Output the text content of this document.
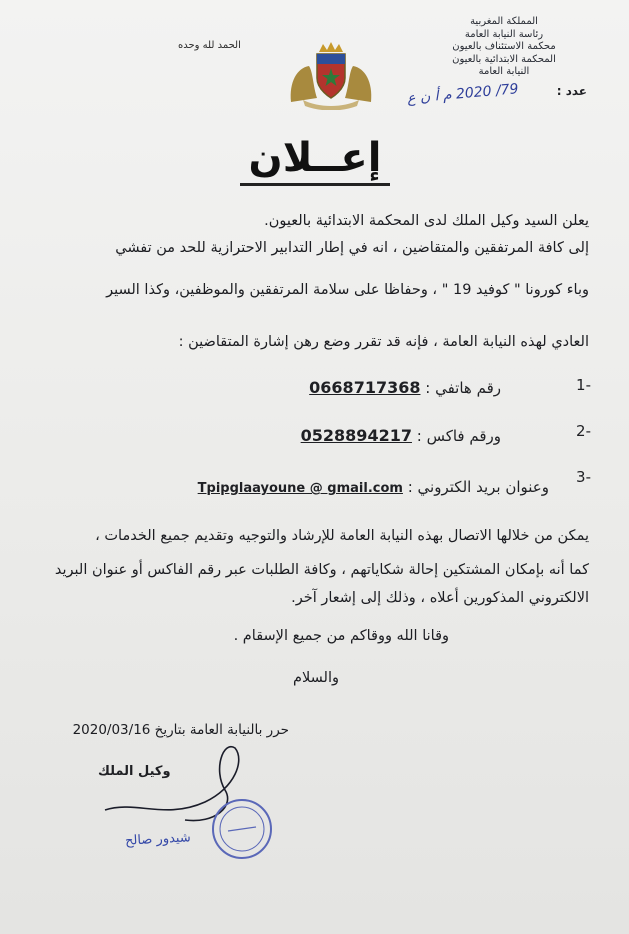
المملكة المغربية
رئاسة النيابة العامة
محكمة الاستئناف بالعيون
المحكمة الابتدائية بالعيون
النيابة العامة
عدد :
79/ 2020 م أ ن ع
الحمد لله وحده
إعــلان
يعلن السيد وكيل الملك لدى المحكمة الابتدائية بالعيون.
إلى كافة المرتفقين والمتقاضين ، انه في إطار التدابير الاحترازية للحد من تفشي
وباء كورونا " كوفيد 19 " ، وحفاظا على سلامة المرتفقين والموظفين، وكذا السير
العادي لهذه النيابة العامة ، فإنه قد تقرر وضع رهن إشارة المتقاضين :
-1
رقم هاتفي : 0668717368
-2
ورقم فاكس : 0528894217
-3
وعنوان بريد الكتروني : Tpipglaayoune @ gmail.com
يمكن من خلالها الاتصال بهذه النيابة العامة للإرشاد والتوجيه وتقديم جميع الخدمات ،
كما أنه بإمكان المشتكين إحالة شكاياتهم ، وكافة الطلبات عبر رقم الفاكس أو عنوان البريد
الالكتروني المذكورين أعلاه ، وذلك إلى إشعار آخر.
وقانا الله ووقاكم من جميع الإسقام .
والسلام
حرر بالنيابة العامة بتاريخ 2020/03/16
وكيل الملك
شيدور صالح
